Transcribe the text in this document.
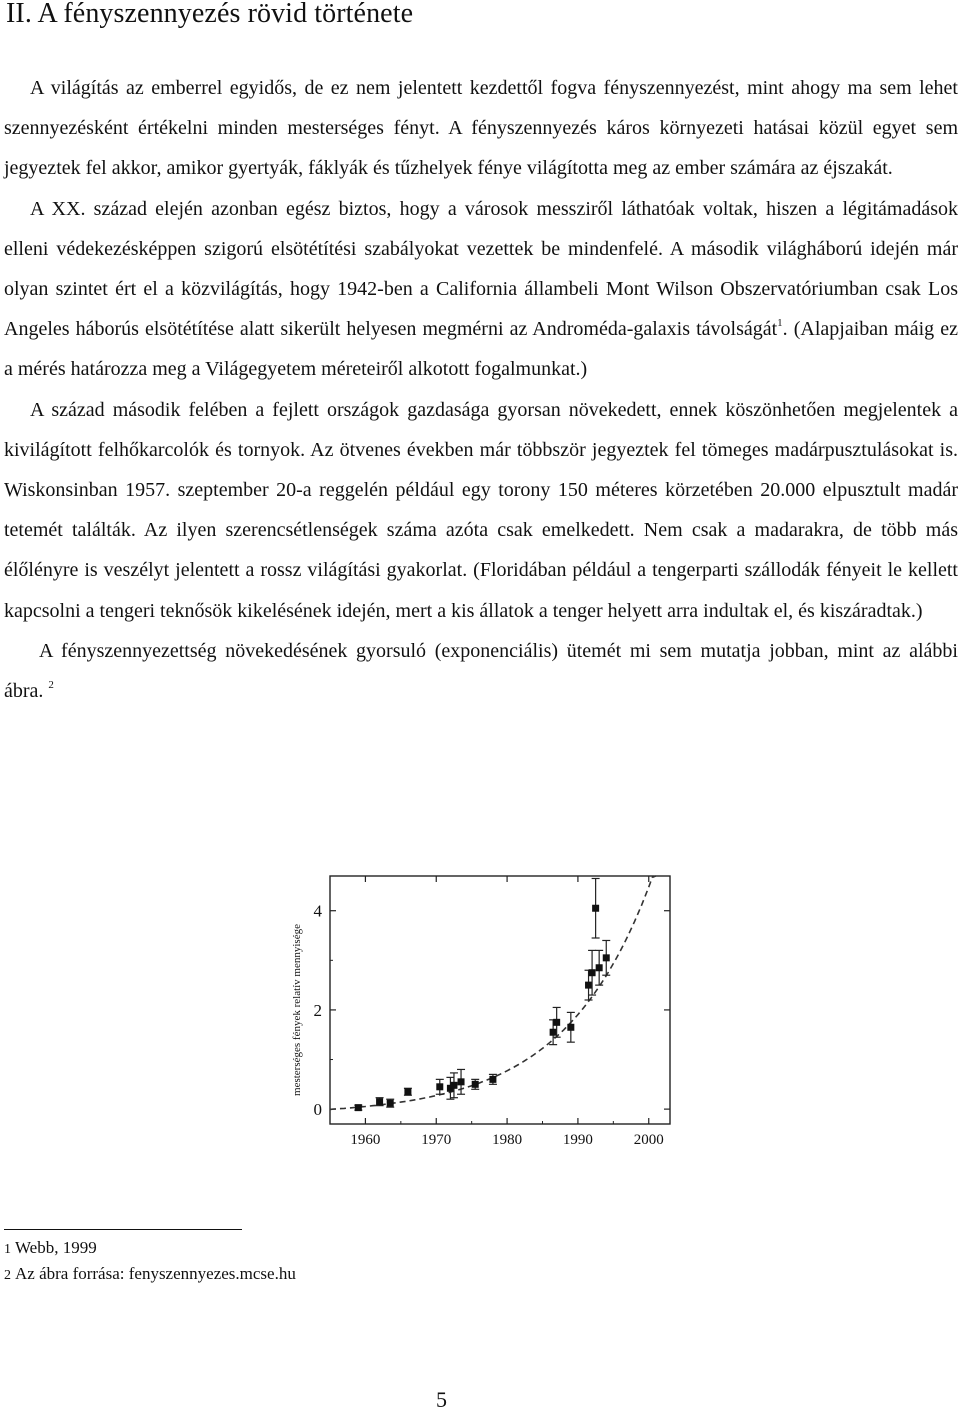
II. A fényszennyezés rövid története

A világítás az emberrel egyidős, de ez nem jelentett kezdettől fogva fényszennyezést, mint ahogy ma sem lehet szennyezésként értékelni minden mesterséges fényt. A fényszennyezés káros környezeti hatásai közül egyet sem jegyeztek fel akkor, amikor gyertyák, fáklyák és tűzhelyek fénye világította meg az ember számára az éjszakát.

A XX. század elején azonban egész biztos, hogy a városok messziről láthatóak voltak, hiszen a légitámadások elleni védekezésképpen szigorú elsötétítési szabályokat vezettek be mindenfelé. A második világháború idején már olyan szintet ért el a közvilágítás, hogy 1942-ben a California állambeli Mont Wilson Obszervatóriumban csak Los Angeles háborús elsötétítése alatt sikerült helyesen megmérni az Androméda-galaxis távolságát$^1$. (Alapjaiban máig ez a mérés határozza meg a Világegyetem méreteiről alkotott fogalmunkat.)

A század második felében a fejlett országok gazdasága gyorsan növekedett, ennek köszönhetően megjelentek a kivilágított felhőkarcolók és tornyok. Az ötvenes években már többször jegyeztek fel tömeges madárpusztulásokat is. Wiskonsinban 1957. szeptember 20-a reggelén például egy torony 150 méteres körzetében 20.000 elpusztult madár tetemét találták. Az ilyen szerencsétlenségek száma azóta csak emelkedett. Nem csak a madarakra, de több más élőlényre is veszélyt jelentett a rossz világítási gyakorlat. (Floridában például a tengerparti szállodák fényeit le kellett kapcsolni a tengeri teknősök kikelésének idején, mert a kis állatok a tenger helyett arra indultak el, és kiszáradtak.)

A fényszennyezettség növekedésének gyorsuló (exponenciális) ütemét mi sem mutatja jobban, mint az alábbi ábra. $^2$

1960	1970	1980	1990	2000
0
2
4
mesterséges fények relatív mennyisége
1 Webb, 1999
2 Az ábra forrása: fenyszennyezes.mcse.hu
5
